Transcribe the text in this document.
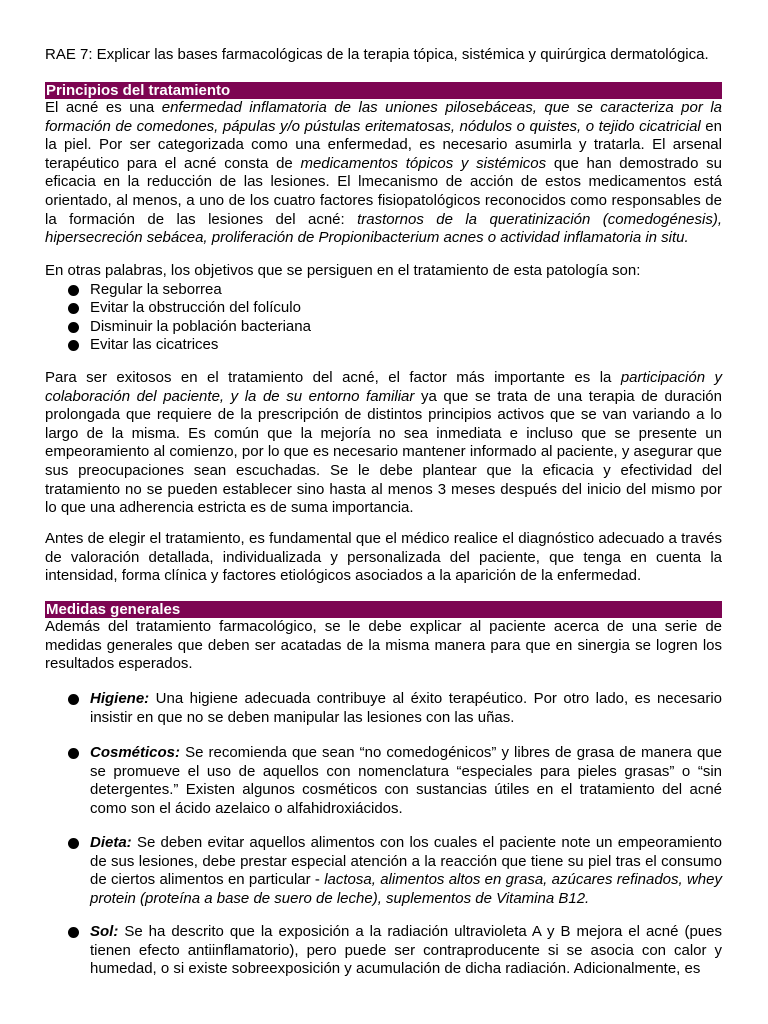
RAE 7: Explicar las bases farmacológicas de la terapia tópica, sistémica y quirúrgica dermatológica.

Principios del tratamiento

El acné es una enfermedad inflamatoria de las uniones pilosebáceas, que se caracteriza por la formación de comedones, pápulas y/o pústulas eritematosas, nódulos o quistes, o tejido cicatricial en la piel. Por ser categorizada como una enfermedad, es necesario asumirla y tratarla. El arsenal terapéutico para el acné consta de medicamentos tópicos y sistémicos que han demostrado su eficacia en la reducción de las lesiones. El lmecanismo de acción de estos medicamentos está orientado, al menos, a uno de los cuatro factores fisiopatológicos reconocidos como responsables de la formación de las lesiones del acné: trastornos de la queratinización (comedogénesis), hipersecreción sebácea, proliferación de Propionibacterium acnes o actividad inflamatoria in situ.

En otras palabras, los objetivos que se persiguen en el tratamiento de esta patología son:

Regular la seborrea
Evitar la obstrucción del folículo
Disminuir la población bacteriana
Evitar las cicatrices

Para ser exitosos en el tratamiento del acné, el factor más importante es la participación y colaboración del paciente, y la de su entorno familiar ya que se trata de una terapia de duración prolongada que requiere de la prescripción de distintos principios activos que se van variando a lo largo de la misma. Es común que la mejoría no sea inmediata e incluso que se presente un empeoramiento al comienzo, por lo que es necesario mantener informado al paciente, y asegurar que sus preocupaciones sean escuchadas. Se le debe plantear que la eficacia y efectividad del tratamiento no se pueden establecer sino hasta al menos 3 meses después del inicio del mismo por lo que una adherencia estricta es de suma importancia.

Antes de elegir el tratamiento, es fundamental que el médico realice el diagnóstico adecuado a través de valoración detallada, individualizada y personalizada del paciente, que tenga en cuenta la intensidad, forma clínica y factores etiológicos asociados a la aparición de la enfermedad.

Medidas generales

Además del tratamiento farmacológico, se le debe explicar al paciente acerca de una serie de medidas generales que deben ser acatadas de la misma manera para que en sinergia se logren los resultados esperados.

Higiene: Una higiene adecuada contribuye al éxito terapéutico. Por otro lado, es necesario insistir en que no se deben manipular las lesiones con las uñas.

Cosméticos: Se recomienda que sean “no comedogénicos” y libres de grasa de manera que se promueve el uso de aquellos con nomenclatura “especiales para pieles grasas” o “sin detergentes.” Existen algunos cosméticos con sustancias útiles en el tratamiento del acné como son el ácido azelaico o alfahidroxiácidos.

Dieta: Se deben evitar aquellos alimentos con los cuales el paciente note un empeoramiento de sus lesiones, debe prestar especial atención a la reacción que tiene su piel tras el consumo de ciertos alimentos en particular - lactosa, alimentos altos en grasa, azúcares refinados, whey protein (proteína a base de suero de leche), suplementos de Vitamina B12.

Sol: Se ha descrito que la exposición a la radiación ultravioleta A y B mejora el acné (pues tienen efecto antiinflamatorio), pero puede ser contraproducente si se asocia con calor y humedad, o si existe sobreexposición y acumulación de dicha radiación. Adicionalmente, es
